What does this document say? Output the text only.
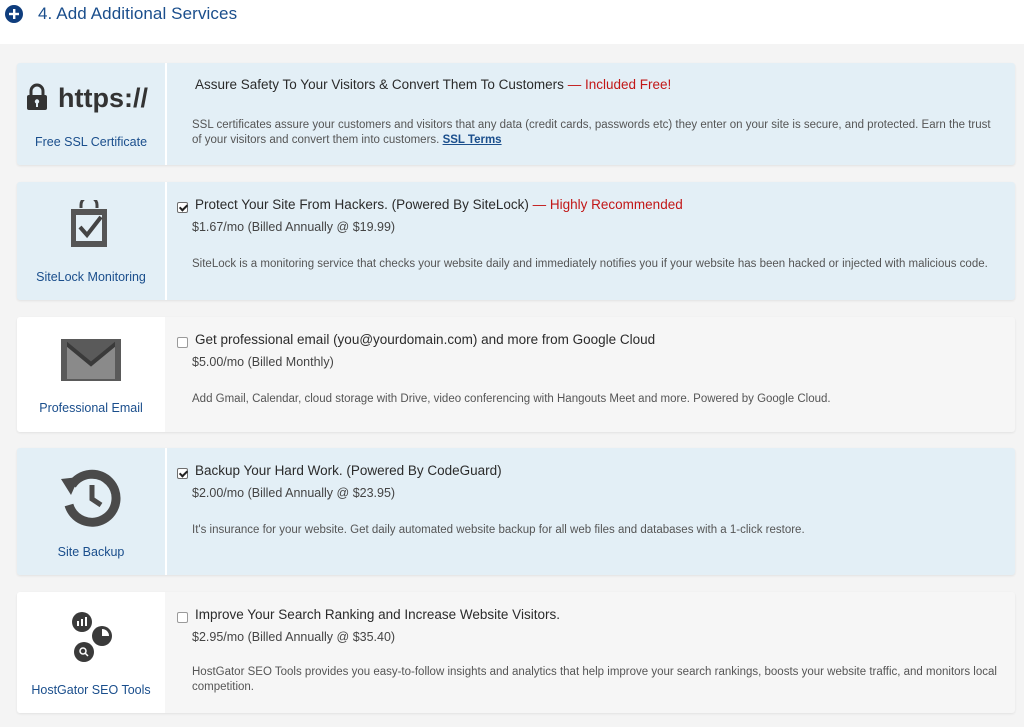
4. Add Additional Services
https://
Free SSL Certificate
Assure Safety To Your Visitors & Convert Them To Customers — Included Free!
SSL certificates assure your customers and visitors that any data (credit cards, passwords etc) they enter on your site is secure, and protected. Earn the trust of your visitors and convert them into customers. SSL Terms
SiteLock Monitoring
Protect Your Site From Hackers. (Powered By SiteLock) — Highly Recommended
$1.67/mo (Billed Annually @ $19.99)
SiteLock is a monitoring service that checks your website daily and immediately notifies you if your website has been hacked or injected with malicious code.
Professional Email
Get professional email (you@yourdomain.com) and more from Google Cloud
$5.00/mo (Billed Monthly)
Add Gmail, Calendar, cloud storage with Drive, video conferencing with Hangouts Meet and more. Powered by Google Cloud.
Site Backup
Backup Your Hard Work. (Powered By CodeGuard)
$2.00/mo (Billed Annually @ $23.95)
It's insurance for your website. Get daily automated website backup for all web files and databases with a 1-click restore.
HostGator SEO Tools
Improve Your Search Ranking and Increase Website Visitors.
$2.95/mo (Billed Annually @ $35.40)
HostGator SEO Tools provides you easy-to-follow insights and analytics that help improve your search rankings, boosts your website traffic, and monitors local competition.
